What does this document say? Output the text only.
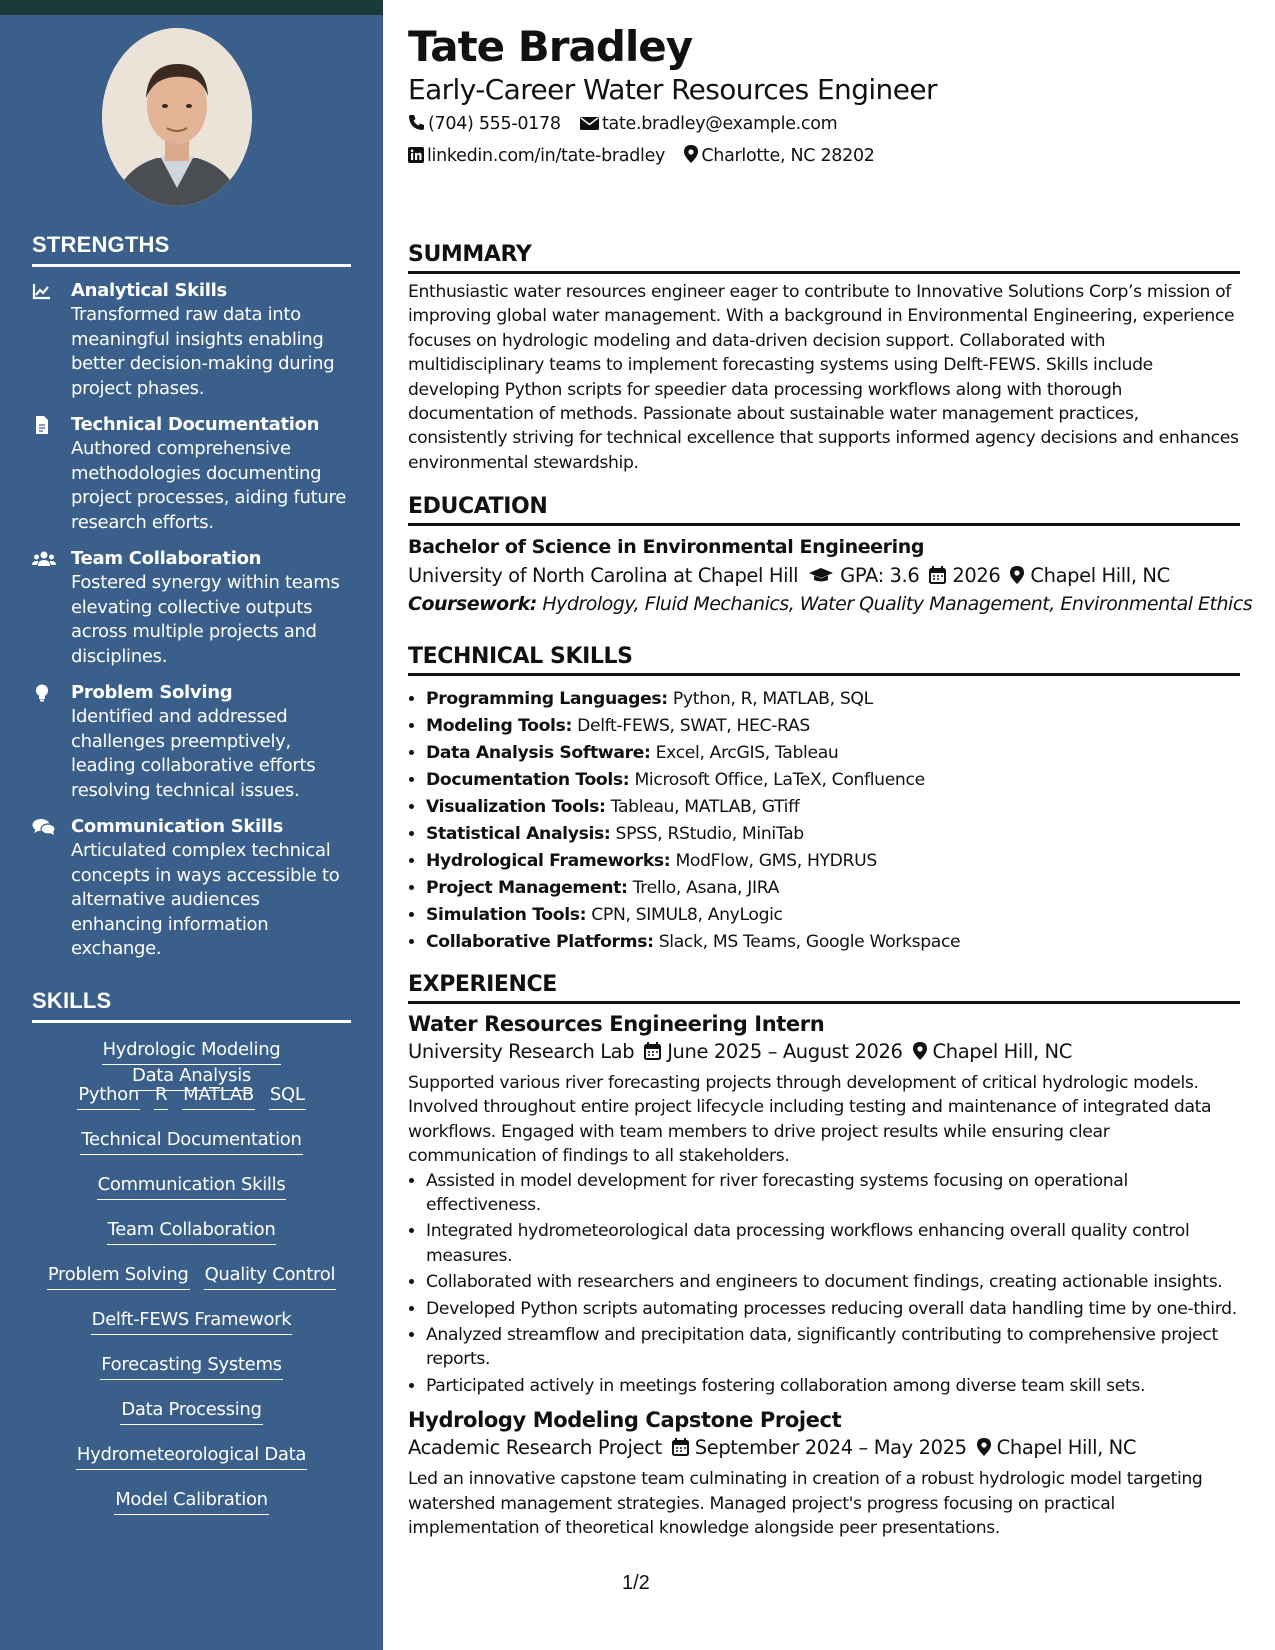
STRENGTHS
Analytical Skills
Transformed raw data into meaningful insights enabling better decision-making during project phases.
Technical Documentation
Authored comprehensive methodologies documenting project processes, aiding future research efforts.
Team Collaboration
Fostered synergy within teams elevating collective outputs across multiple projects and disciplines.
Problem Solving
Identified and addressed challenges preemptively, leading collaborative efforts resolving technical issues.
Communication Skills
Articulated complex technical concepts in ways accessible to alternative audiences enhancing information exchange.
SKILLS
Hydrologic ModelingData Analysis
Python R MATLAB SQL
Technical Documentation
Communication Skills
Team Collaboration
Problem Solving Quality Control
Delft-FEWS Framework
Forecasting Systems
Data Processing
Hydrometeorological Data
Model Calibration
Tate Bradley
Early-Career Water Resources Engineer
(704) 555-0178 tate.bradley@example.com
linkedin.com/in/tate-bradley Charlotte, NC 28202
SUMMARY

Enthusiastic water resources engineer eager to contribute to Innovative Solutions Corp’s mission of improving global water management. With a background in Environmental Engineering, experience focuses on hydrologic modeling and data-driven decision support. Collaborated with multidisciplinary teams to implement forecasting systems using Delft-FEWS. Skills include developing Python scripts for speedier data processing workflows along with thorough documentation of methods. Passionate about sustainable water management practices, consistently striving for technical excellence that supports informed agency decisions and enhances environmental stewardship.

EDUCATION
Bachelor of Science in Environmental Engineering
University of North Carolina at Chapel Hill GPA: 3.6 2026 Chapel Hill, NC
Coursework: Hydrology, Fluid Mechanics, Water Quality Management, Environmental Ethics
TECHNICAL SKILLS
• Programming Languages: Python, R, MATLAB, SQL
• Modeling Tools: Delft-FEWS, SWAT, HEC-RAS
• Data Analysis Software: Excel, ArcGIS, Tableau
• Documentation Tools: Microsoft Office, LaTeX, Confluence
• Visualization Tools: Tableau, MATLAB, GTiff
• Statistical Analysis: SPSS, RStudio, MiniTab
• Hydrological Frameworks: ModFlow, GMS, HYDRUS
• Project Management: Trello, Asana, JIRA
• Simulation Tools: CPN, SIMUL8, AnyLogic
• Collaborative Platforms: Slack, MS Teams, Google Workspace
EXPERIENCE
Water Resources Engineering Intern
University Research Lab June 2025 – August 2026 Chapel Hill, NC

Supported various river forecasting projects through development of critical hydrologic models. Involved throughout entire project lifecycle including testing and maintenance of integrated data workflows. Engaged with team members to drive project results while ensuring clear communication of findings to all stakeholders.

• Assisted in model development for river forecasting systems focusing on operational effectiveness.
• Integrated hydrometeorological data processing workflows enhancing overall quality control measures.
• Collaborated with researchers and engineers to document findings, creating actionable insights.
• Developed Python scripts automating processes reducing overall data handling time by one-third.
• Analyzed streamflow and precipitation data, significantly contributing to comprehensive project reports.
• Participated actively in meetings fostering collaboration among diverse team skill sets.
Hydrology Modeling Capstone Project
Academic Research Project September 2024 – May 2025 Chapel Hill, NC

Led an innovative capstone team culminating in creation of a robust hydrologic model targeting watershed management strategies. Managed project's progress focusing on practical implementation of theoretical knowledge alongside peer presentations.

1/2
